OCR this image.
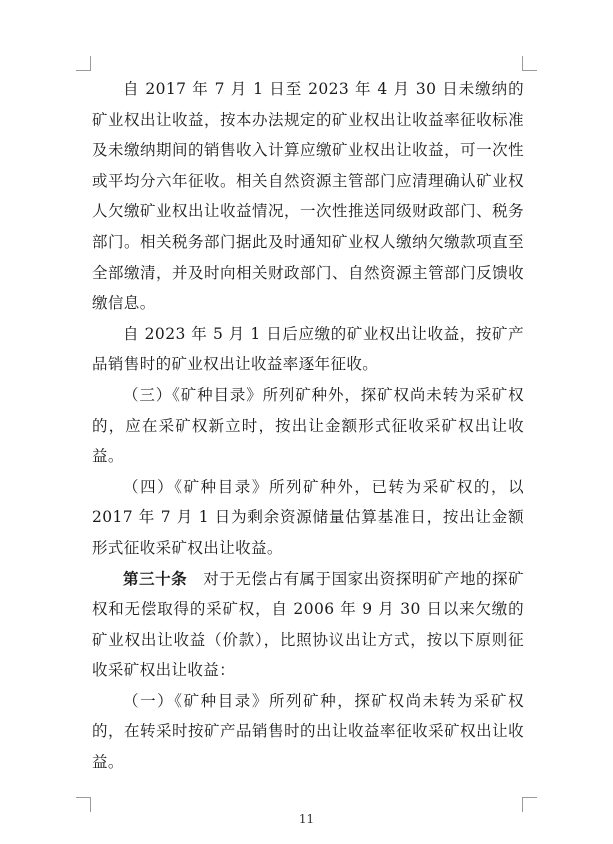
自 2017 年 7 月 1 日至 2023 年 4 月 30 日未缴纳的矿业权出让收益，按本办法规定的矿业权出让收益率征收标准及未缴纳期间的销售收入计算应缴矿业权出让收益，可一次性或平均分六年征收。相关自然资源主管部门应清理确认矿业权人欠缴矿业权出让收益情况，一次性推送同级财政部门、税务部门。相关税务部门据此及时通知矿业权人缴纳欠缴款项直至全部缴清，并及时向相关财政部门、自然资源主管部门反馈收缴信息。

自 2023 年 5 月 1 日后应缴的矿业权出让收益，按矿产品销售时的矿业权出让收益率逐年征收。

（三）《矿种目录》所列矿种外，探矿权尚未转为采矿权的，应在采矿权新立时，按出让金额形式征收采矿权出让收益。

（四）《矿种目录》所列矿种外，已转为采矿权的，以 2017 年 7 月 1 日为剩余资源储量估算基准日，按出让金额形式征收采矿权出让收益。

第三十条　对于无偿占有属于国家出资探明矿产地的探矿权和无偿取得的采矿权，自 2006 年 9 月 30 日以来欠缴的矿业权出让收益（价款），比照协议出让方式，按以下原则征收采矿权出让收益：

（一）《矿种目录》所列矿种，探矿权尚未转为采矿权的，在转采时按矿产品销售时的出让收益率征收采矿权出让收益。

11
